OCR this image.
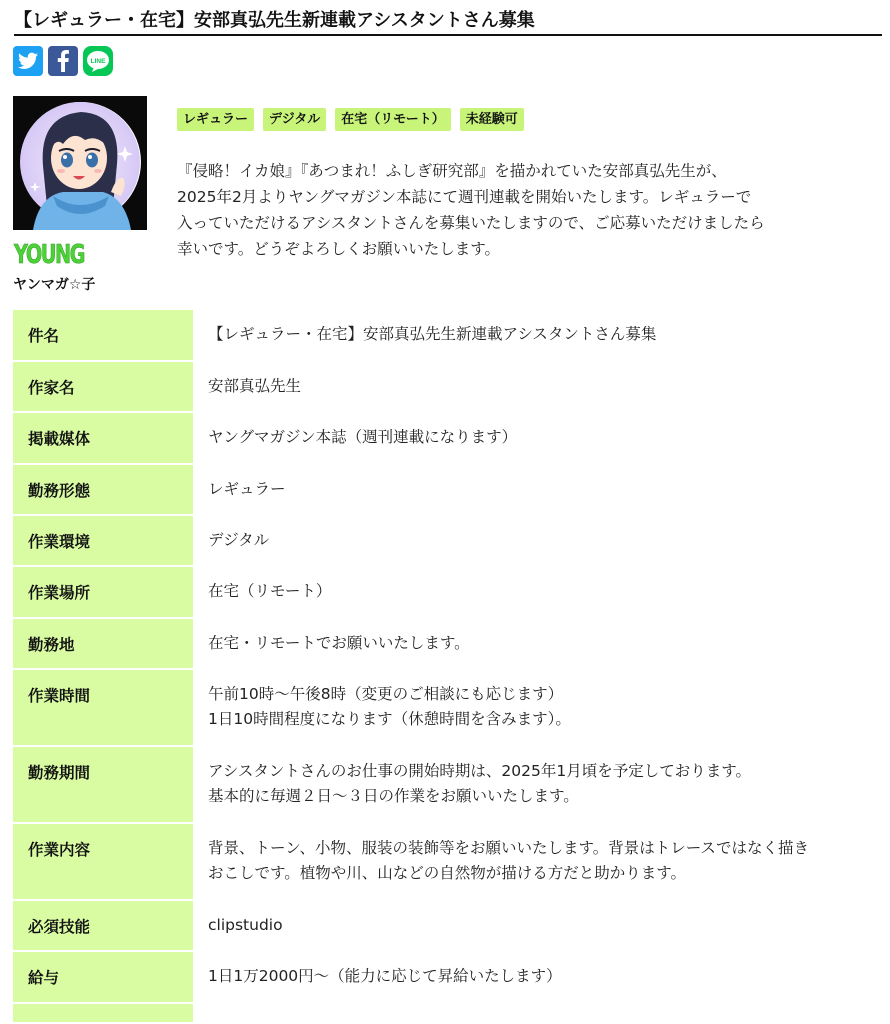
【レギュラー・在宅】安部真弘先生新連載アシスタントさん募集
LINE
YOUNG
ヤンマガ☆子
レギュラー	デジタル	在宅（リモート）	未経験可

『侵略！イカ娘』『あつまれ！ふしぎ研究部』を描かれていた安部真弘先生が、

2025年2月よりヤングマガジン本誌にて週刊連載を開始いたします。レギュラーで

入っていただけるアシスタントさんを募集いたしますので、ご応募いただけましたら

幸いです。どうぞよろしくお願いいたします。

件名	【レギュラー・在宅】安部真弘先生新連載アシスタントさん募集

作家名	安部真弘先生

掲載媒体	ヤングマガジン本誌（週刊連載になります）

勤務形態	レギュラー

作業環境	デジタル

作業場所	在宅（リモート）

勤務地	在宅・リモートでお願いいたします。

作業時間	午前10時〜午後8時（変更のご相談にも応じます）

1日10時間程度になります（休憩時間を含みます）。

勤務期間	アシスタントさんのお仕事の開始時期は、2025年1月頃を予定しております。

基本的に毎週２日〜３日の作業をお願いいたします。

作業内容	背景、トーン、小物、服装の装飾等をお願いいたします。背景はトレースではなく描き

おこしです。植物や川、山などの自然物が描ける方だと助かります。

必須技能	clipstudio

給与	1日1万2000円〜（能力に応じて昇給いたします）
